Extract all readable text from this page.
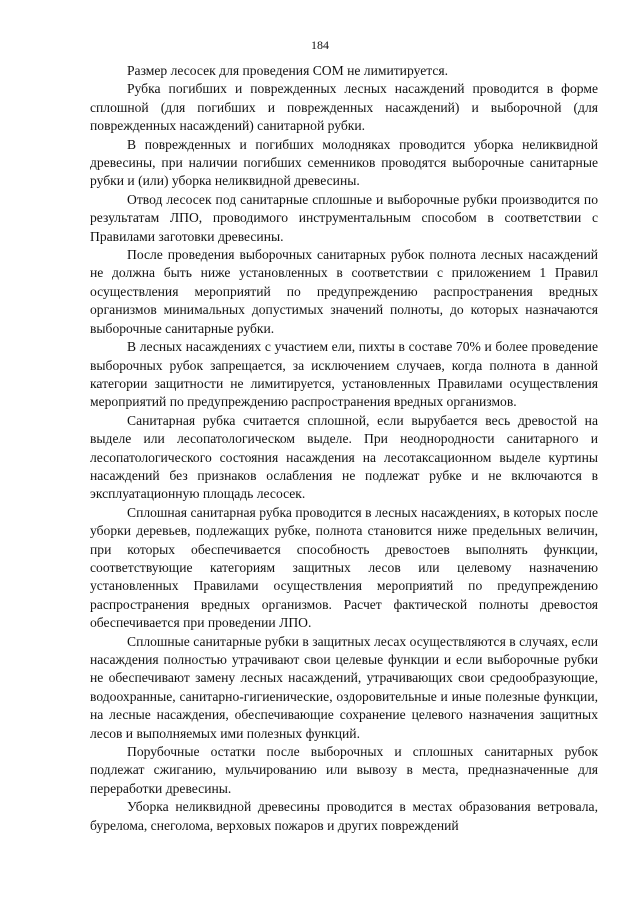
184

Размер лесосек для проведения СОМ не лимитируется.

Рубка погибших и поврежденных лесных насаждений проводится в форме сплошной (для погибших и поврежденных насаждений) и выборочной (для поврежденных насаждений) санитарной рубки.

В поврежденных и погибших молодняках проводится уборка неликвидной древесины, при наличии погибших семенников проводятся выборочные санитарные рубки и (или) уборка неликвидной древесины.

Отвод лесосек под санитарные сплошные и выборочные рубки производится по результатам ЛПО, проводимого инструментальным способом в соответствии с Правилами заготовки древесины.

После проведения выборочных санитарных рубок полнота лесных насаждений не должна быть ниже установленных в соответствии с приложением 1 Правил осуществления мероприятий по предупреждению распространения вредных организмов минимальных допустимых значений полноты, до которых назначаются выборочные санитарные рубки.

В лесных насаждениях с участием ели, пихты в составе 70% и более проведение выборочных рубок запрещается, за исключением случаев, когда полнота в данной категории защитности не лимитируется, установленных Правилами осуществления мероприятий по предупреждению распространения вредных организмов.

Санитарная рубка считается сплошной, если вырубается весь древостой на выделе или лесопатологическом выделе. При неоднородности санитарного и лесопатологического состояния насаждения на лесотаксационном выделе куртины насаждений без признаков ослабления не подлежат рубке и не включаются в эксплуатационную площадь лесосек.

Сплошная санитарная рубка проводится в лесных насаждениях, в которых после уборки деревьев, подлежащих рубке, полнота становится ниже предельных величин, при которых обеспечивается способность древостоев выполнять функции, соответствующие категориям защитных лесов или целевому назначению установленных Правилами осуществления мероприятий по предупреждению распространения вредных организмов. Расчет фактической полноты древостоя обеспечивается при проведении ЛПО.

Сплошные санитарные рубки в защитных лесах осуществляются в случаях, если насаждения полностью утрачивают свои целевые функции и если выборочные рубки не обеспечивают замену лесных насаждений, утрачивающих свои средообразующие, водоохранные, санитарно-гигиенические, оздоровительные и иные полезные функции, на лесные насаждения, обеспечивающие сохранение целевого назначения защитных лесов и выполняемых ими полезных функций.

Порубочные остатки после выборочных и сплошных санитарных рубок подлежат сжиганию, мульчированию или вывозу в места, предназначенные для переработки древесины.

Уборка неликвидной древесины проводится в местах образования ветровала, бурелома, снеголома, верховых пожаров и других повреждений
